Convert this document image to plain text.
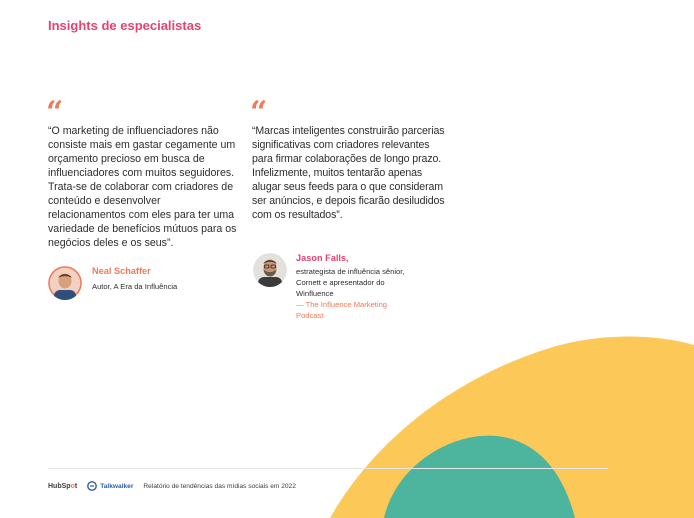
Insights de especialistas
“
“O marketing de influenciadores não consiste mais em gastar cegamente um orçamento precioso em busca de influenciadores com muitos seguidores. Trata-se de colaborar com criadores de conteúdo e desenvolver relacionamentos com eles para ter uma variedade de benefícios mútuos para os negócios deles e os seus”.
Neal Schaffer
Autor, A Era da Influência
“
“Marcas inteligentes construirão parcerias significativas com criadores relevantes para firmar colaborações de longo prazo. Infelizmente, muitos tentarão apenas alugar seus feeds para o que consideram ser anúncios, e depois ficarão desiludidos com os resultados”.
Jason Falls,
estrategista de influência sênior, Cornett e apresentador do Winfluence
— The Influence Marketing Podcast
HubSpot	Talkwalker Relatório de tendências das mídias sociais em 2022
